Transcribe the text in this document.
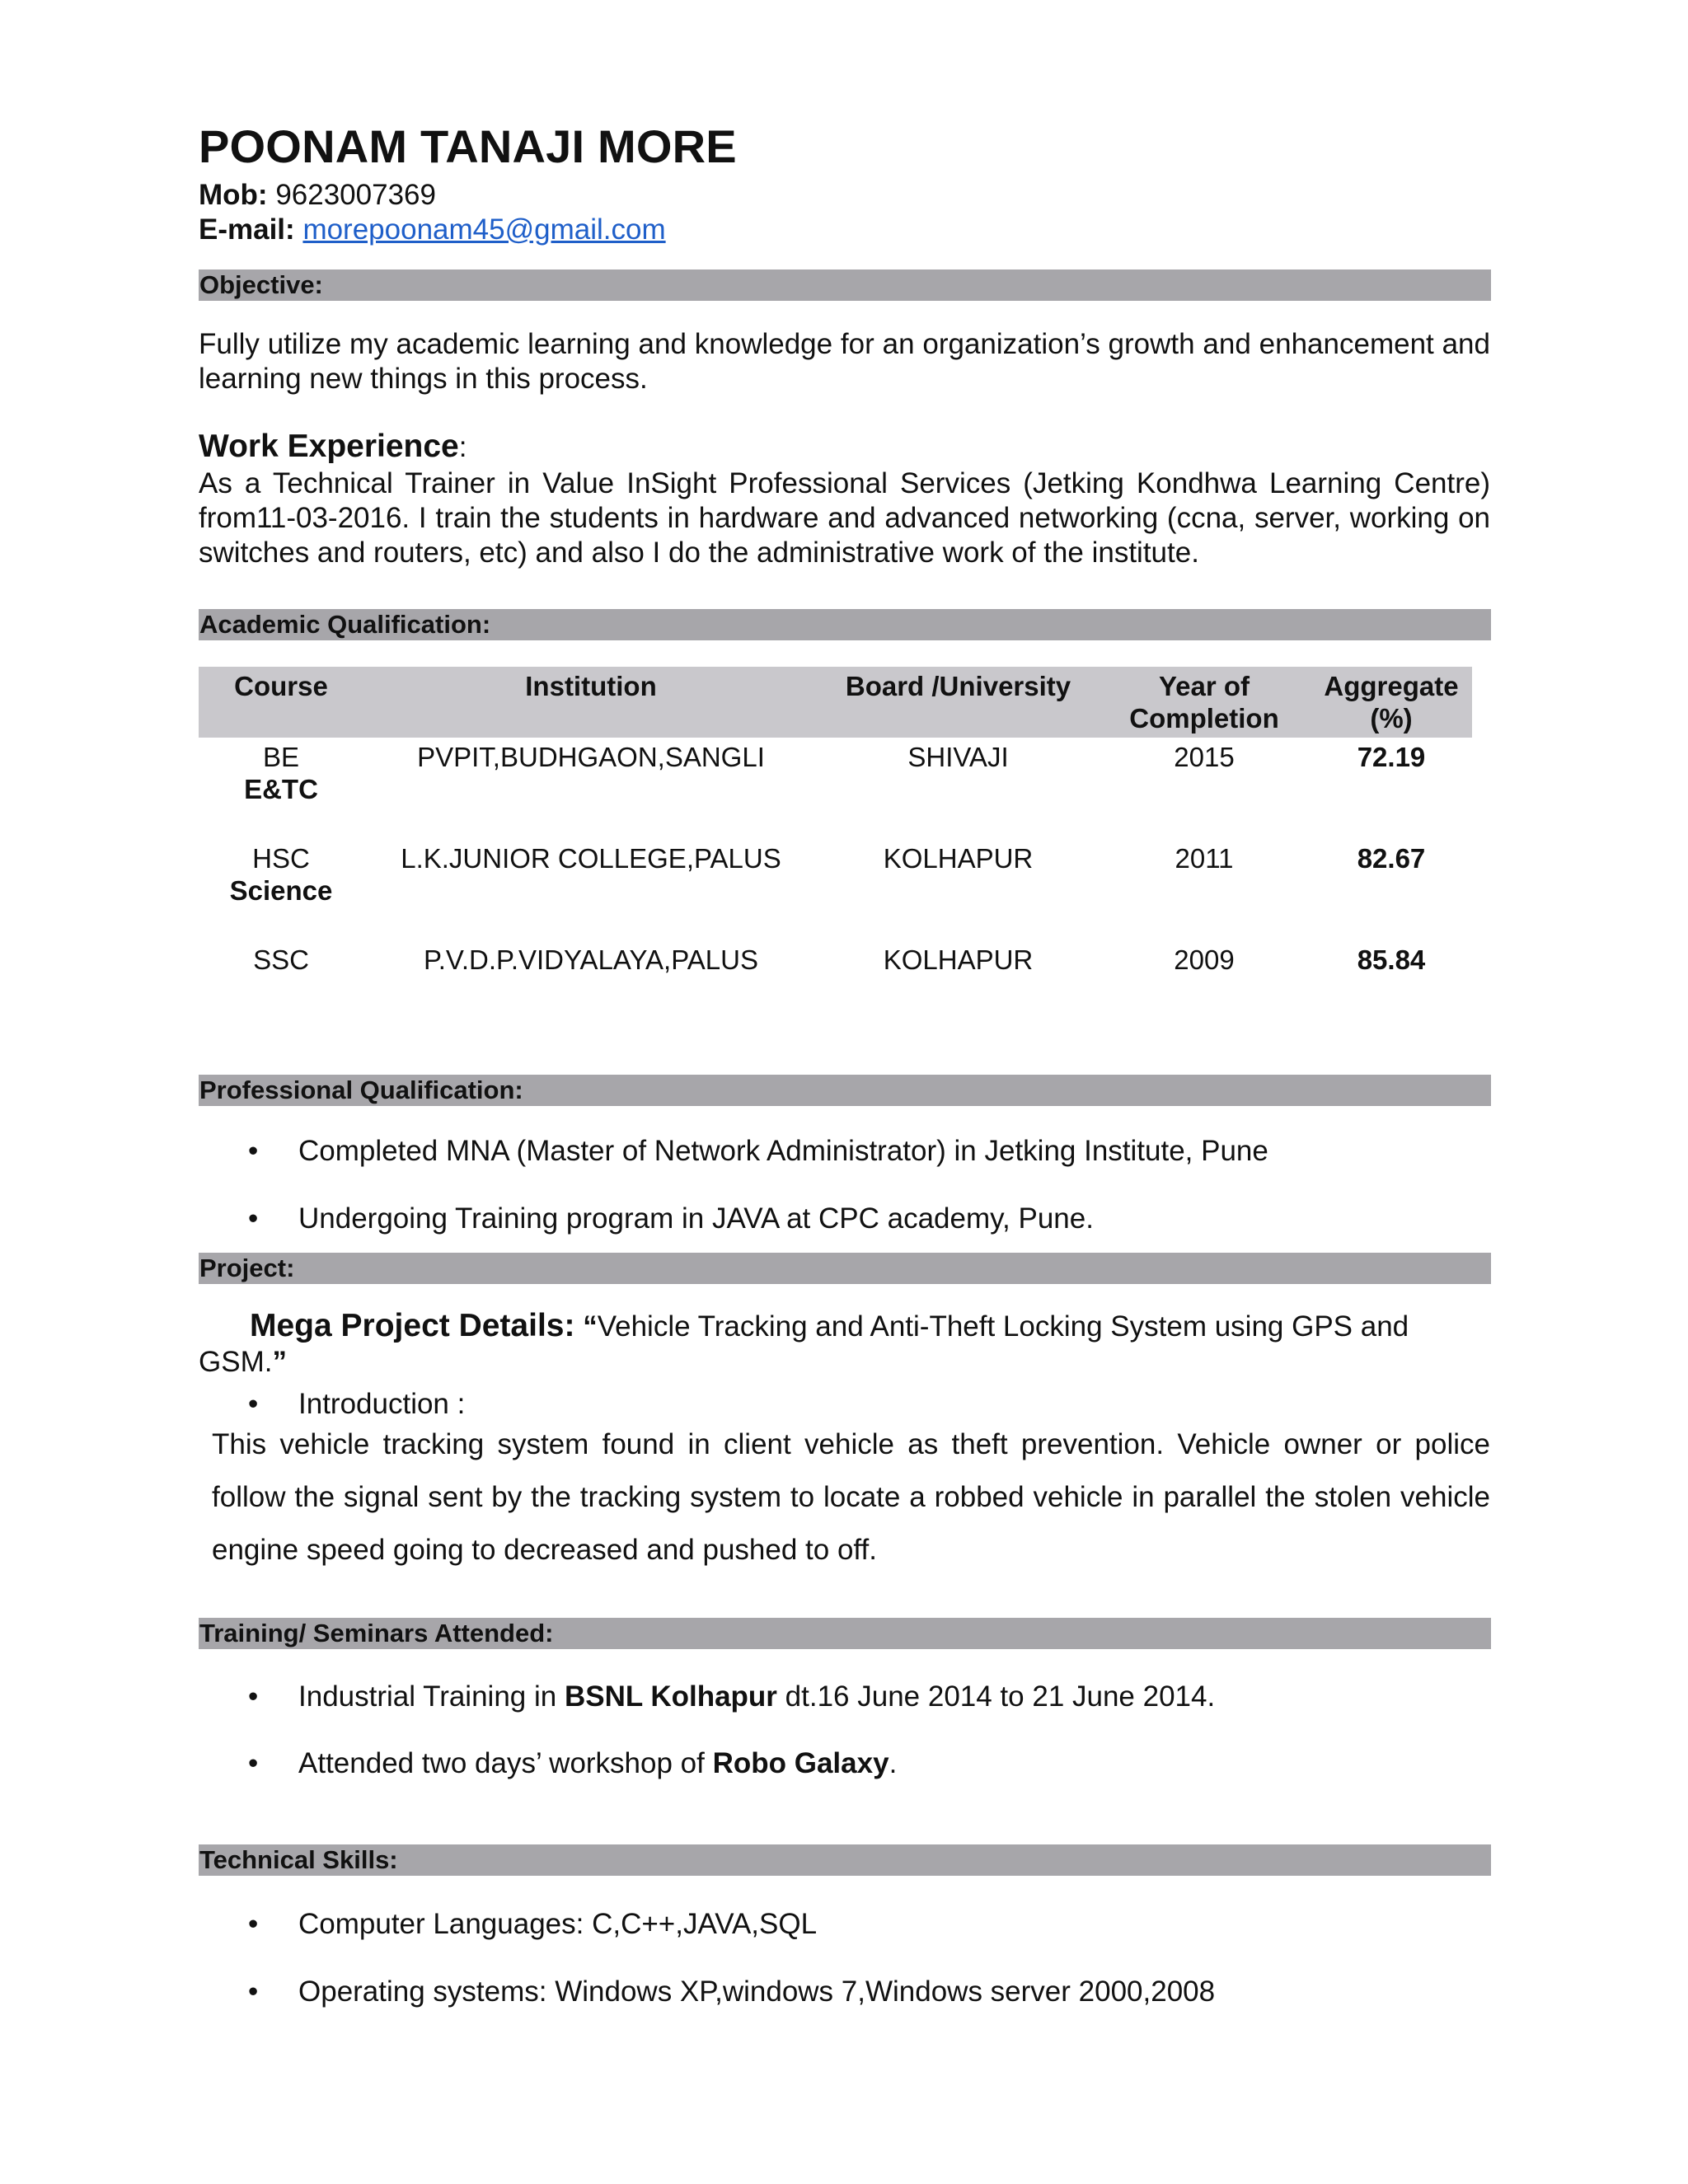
POONAM TANAJI MORE
Mob: 9623007369
E-mail: morepoonam45@gmail.com
Objective:
Fully utilize my academic learning and knowledge for an organization’s growth and enhancement and learning new things in this process.
Work Experience:
As a Technical Trainer in Value InSight Professional Services (Jetking Kondhwa Learning Centre) from11-03-2016. I train the students in hardware and advanced networking (ccna, server, working on switches and routers, etc) and also I do the administrative work of the institute.
Academic Qualification:
Course	Institution	Board /University	Year of Completion	Aggregate (%)

BE
E&TC	PVPIT,BUDHGAON,SANGLI	SHIVAJI	2015	72.19

HSC
Science	L.K.JUNIOR COLLEGE,PALUS	KOLHAPUR	2011	82.67

SSC	P.V.D.P.VIDYALAYA,PALUS	KOLHAPUR	2009	85.84
Professional Qualification:
• Completed MNA (Master of Network Administrator) in Jetking Institute, Pune
• Undergoing Training program in JAVA at CPC academy, Pune.
Project:
Mega Project Details: “Vehicle Tracking and Anti-Theft Locking System using GPS and GSM.”
• Introduction :
This vehicle tracking system found in client vehicle as theft prevention. Vehicle owner or police follow the signal sent by the tracking system to locate a robbed vehicle in parallel the stolen vehicle engine speed going to decreased and pushed to off.
Training/ Seminars Attended:
• Industrial Training in BSNL Kolhapur dt.16 June 2014 to 21 June 2014.
• Attended two days’ workshop of Robo Galaxy.
Technical Skills:
• Computer Languages: C,C++,JAVA,SQL
• Operating systems: Windows XP,windows 7,Windows server 2000,2008
